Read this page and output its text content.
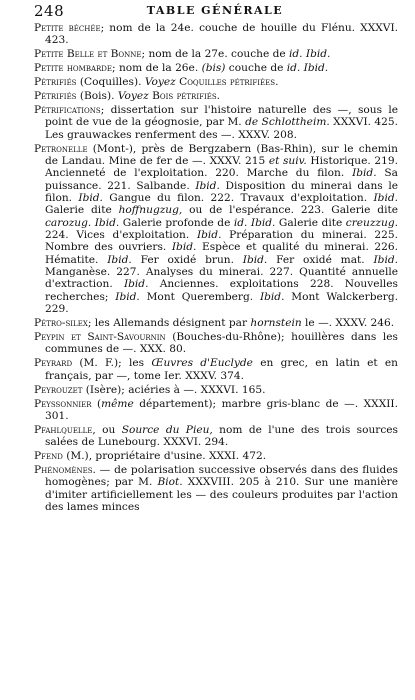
248	TABLE GÉNÉRALE

Petite béchée; nom de la 24e. couche de houille du Flénu. XXXVI. 423.

Petite Belle et Bonne; nom de la 27e. couche de id. Ibid.

Petite hombarde; nom de la 26e. (bis) couche de id. Ibid.

Pétrifiés (Coquilles). Voyez Coquilles pétrifiées.

Pétrifiés (Bois). Voyez Bois pétrifiés.

Pétrifications; dissertation sur l'histoire naturelle des —, sous le point de vue de la géognosie, par M. de Schlottheim. XXXVI. 425. Les grauwackes renferment des —. XXXV. 208.

Petronelle (Mont-), près de Bergzabern (Bas-Rhin), sur le chemin de Landau. Mine de fer de —. XXXV. 215 et suiv. Historique. 219. Ancienneté de l'exploitation. 220. Marche du filon. Ibid. Sa puissance. 221. Salbande. Ibid. Disposition du minerai dans le filon. Ibid. Gangue du filon. 222. Travaux d'exploitation. Ibid. Galerie dite hoffnugzug, ou de l'espérance. 223. Galerie dite carozug. Ibid. Galerie profonde de id. Ibid. Galerie dite creuzzug. 224. Vices d'exploitation. Ibid. Préparation du minerai. 225. Nombre des ouvriers. Ibid. Espèce et qualité du minerai. 226. Hématite. Ibid. Fer oxidé brun. Ibid. Fer oxidé mat. Ibid. Manganèse. 227. Analyses du minerai. 227. Quantité annuelle d'extraction. Ibid. Anciennes. exploitations 228. Nouvelles recherches; Ibid. Mont Queremberg. Ibid. Mont Walckerberg. 229.

Pétro-silex; les Allemands désignent par hornstein le —. XXXV. 246.

Peypin et Saint-Savournin (Bouches-du-Rhône); houillères dans les communes de —. XXX. 80.

Peyrard (M. F.); les Œuvres d'Euclyde en grec, en latin et en français, par —, tome Ier. XXXV. 374.

Peyrouzet (Isère); aciéries à —. XXXVI. 165.

Peyssonnier (même département); marbre gris-blanc de —. XXXII. 301.

Pfahlquelle, ou Source du Pieu, nom de l'une des trois sources salées de Lunebourg. XXXVI. 294.

Pfend (M.), propriétaire d'usine. XXXI. 472.

Phénomènes. — de polarisation successive observés dans des fluides homogènes; par M. Biot. XXXVIII. 205 à 210. Sur une manière d'imiter artificiellement les — des couleurs produites par l'action des lames minces
